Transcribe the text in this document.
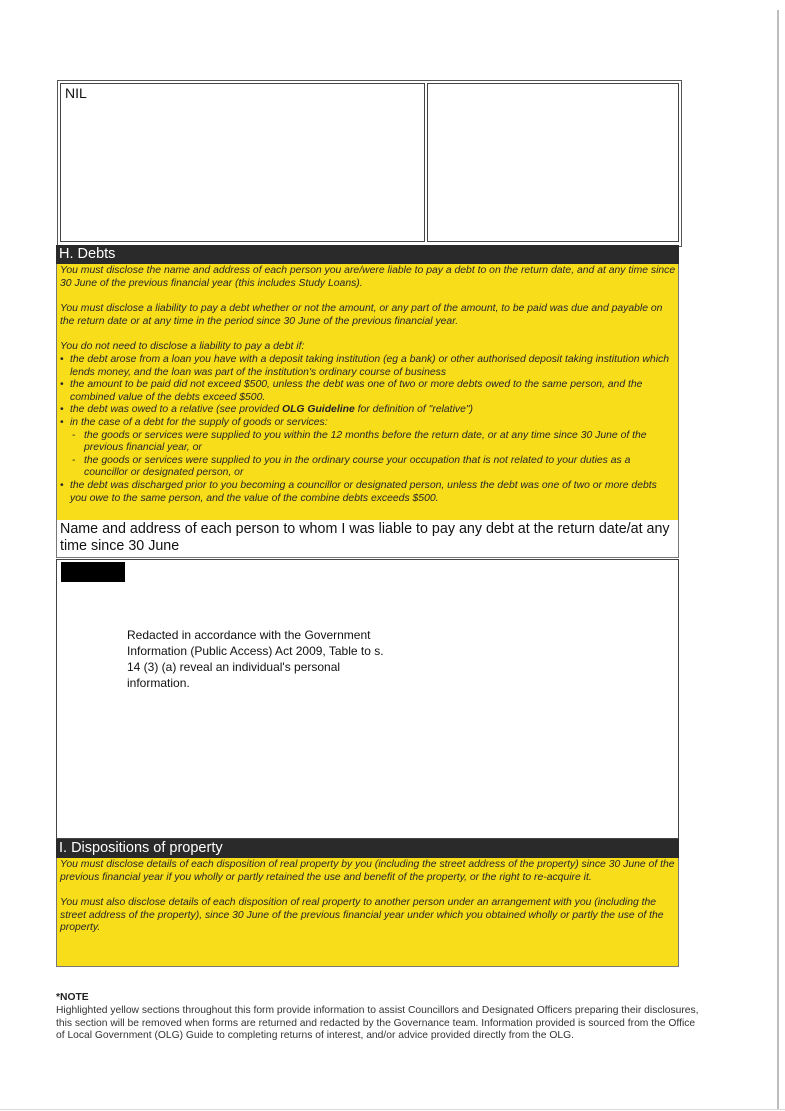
NIL
H. Debts

You must disclose the name and address of each person you are/were liable to pay a debt to on the return date, and at any time since 30 June of the previous financial year (this includes Study Loans).

You must disclose a liability to pay a debt whether or not the amount, or any part of the amount, to be paid was due and payable on the return date or at any time in the period since 30 June of the previous financial year.

You do not need to disclose a liability to pay a debt if:

• the debt arose from a loan you have with a deposit taking institution (eg a bank) or other authorised deposit taking institution which lends money, and the loan was part of the institution's ordinary course of business
• the amount to be paid did not exceed $500, unless the debt was one of two or more debts owed to the same person, and the combined value of the debts exceed $500.
• the debt was owed to a relative (see provided OLG Guideline for definition of "relative")
• in the case of a debt for the supply of goods or services:
- the goods or services were supplied to you within the 12 months before the return date, or at any time since 30 June of the previous financial year, or
- the goods or services were supplied to you in the ordinary course your occupation that is not related to your duties as a councillor or designated person, or
• the debt was discharged prior to you becoming a councillor or designated person, unless the debt was one of two or more debts you owe to the same person, and the value of the combine debts exceeds $500.
Name and address of each person to whom I was liable to pay any debt at the return date/at any time since 30 June
Redacted in accordance with the Government Information (Public Access) Act 2009, Table to s. 14 (3) (a) reveal an individual's personal information.
I. Dispositions of property

You must disclose details of each disposition of real property by you (including the street address of the property) since 30 June of the previous financial year if you wholly or partly retained the use and benefit of the property, or the right to re-acquire it.

You must also disclose details of each disposition of real property to another person under an arrangement with you (including the street address of the property), since 30 June of the previous financial year under which you obtained wholly or partly the use of the property.

*NOTE
Highlighted yellow sections throughout this form provide information to assist Councillors and Designated Officers preparing their disclosures, this section will be removed when forms are returned and redacted by the Governance team. Information provided is sourced from the Office of Local Government (OLG) Guide to completing returns of interest, and/or advice provided directly from the OLG.
